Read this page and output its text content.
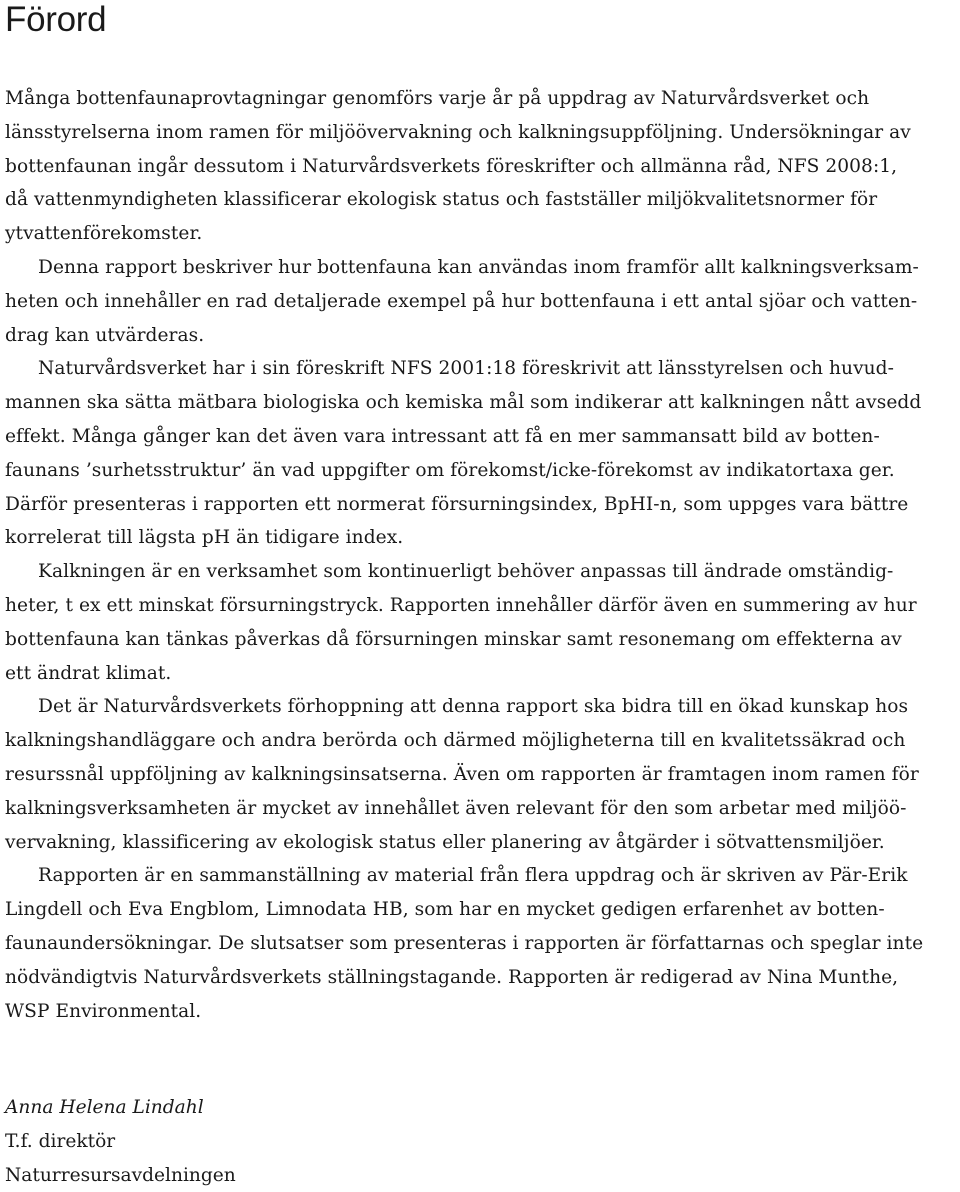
Förord

Många bottenfaunaprovtagningar genomförs varje år på uppdrag av Naturvårdsverket och

länsstyrelserna inom ramen för miljöövervakning och kalkningsuppföljning. Undersökningar av

bottenfaunan ingår dessutom i Naturvårdsverkets föreskrifter och allmänna råd, NFS 2008:1,

då vattenmyndigheten klassificerar ekologisk status och fastställer miljökvalitetsnormer för

ytvattenförekomster.

Denna rapport beskriver hur bottenfauna kan användas inom framför allt kalkningsverksam-

heten och innehåller en rad detaljerade exempel på hur bottenfauna i ett antal sjöar och vatten-

drag kan utvärderas.

Naturvårdsverket har i sin föreskrift NFS 2001:18 föreskrivit att länsstyrelsen och huvud-

mannen ska sätta mätbara biologiska och kemiska mål som indikerar att kalkningen nått avsedd

effekt. Många gånger kan det även vara intressant att få en mer sammansatt bild av botten-

faunans ’surhetsstruktur’ än vad uppgifter om förekomst/icke-förekomst av indikatortaxa ger.

Därför presenteras i rapporten ett normerat försurningsindex, BpHI-n, som uppges vara bättre

korrelerat till lägsta pH än tidigare index.

Kalkningen är en verksamhet som kontinuerligt behöver anpassas till ändrade omständig-

heter, t ex ett minskat försurningstryck. Rapporten innehåller därför även en summering av hur

bottenfauna kan tänkas påverkas då försurningen minskar samt resonemang om effekterna av

ett ändrat klimat.

Det är Naturvårdsverkets förhoppning att denna rapport ska bidra till en ökad kunskap hos

kalkningshandläggare och andra berörda och därmed möjligheterna till en kvalitetssäkrad och

resurssnål uppföljning av kalkningsinsatserna. Även om rapporten är framtagen inom ramen för

kalkningsverksamheten är mycket av innehållet även relevant för den som arbetar med miljöö-

vervakning, klassificering av ekologisk status eller planering av åtgärder i sötvattensmiljöer.

Rapporten är en sammanställning av material från flera uppdrag och är skriven av Pär-Erik

Lingdell och Eva Engblom, Limnodata HB, som har en mycket gedigen erfarenhet av botten-

faunaundersökningar. De slutsatser som presenteras i rapporten är författarnas och speglar inte

nödvändigtvis Naturvårdsverkets ställningstagande. Rapporten är redigerad av Nina Munthe,

WSP Environmental.

Anna Helena Lindahl
T.f. direktör
Naturresursavdelningen
